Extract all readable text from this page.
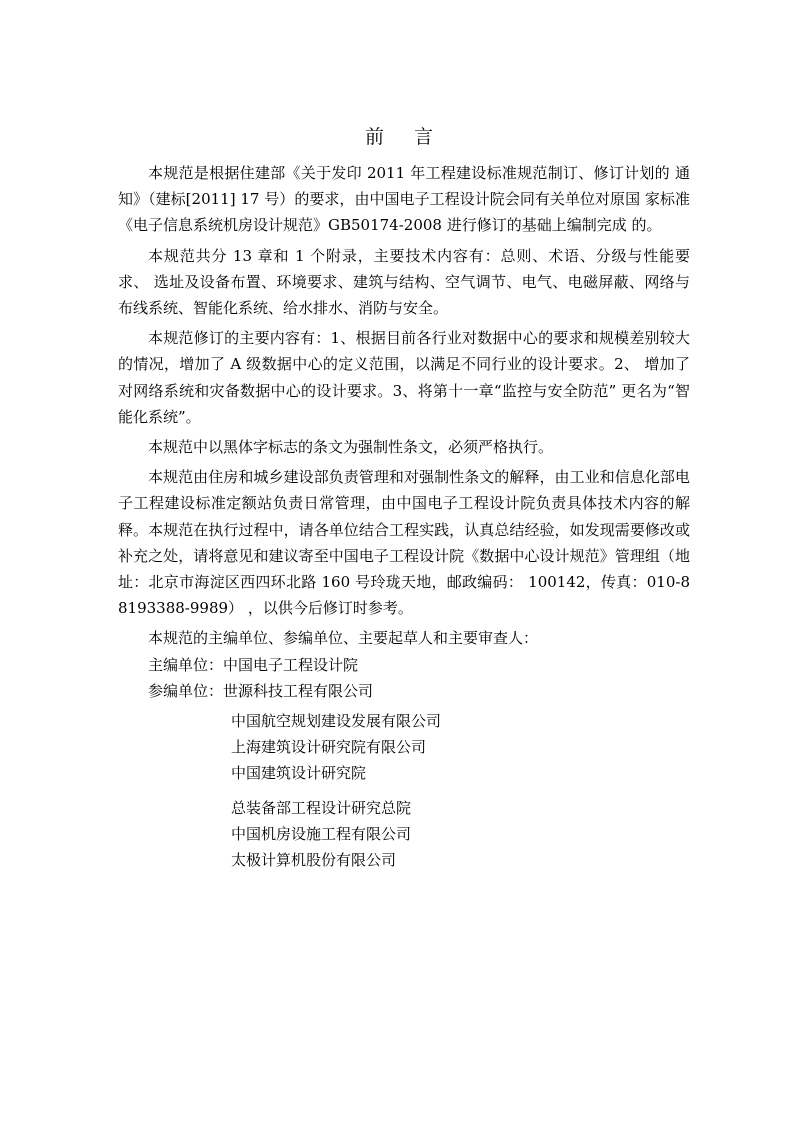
前 言

本规范是根据住建部《关于发印 2011 年工程建设标准规范制订、修订计划的 通知》（建标[2011] 17 号）的要求，由中国电子工程设计院会同有关单位对原国 家标准《电子信息系统机房设计规范》GB50174-2008 进行修订的基础上编制完成 的。

本规范共分 13 章和 1 个附录，主要技术内容有：总则、术语、分级与性能要求、 选址及设备布置、环境要求、建筑与结构、空气调节、电气、电磁屏蔽、网络与 布线系统、智能化系统、给水排水、消防与安全。

本规范修订的主要内容有：1、根据目前各行业对数据中心的要求和规模差别较大的情况，增加了 A 级数据中心的定义范围，以满足不同行业的设计要求。2、 增加了对网络系统和灾备数据中心的设计要求。3、将第十一章“监控与安全防范” 更名为“智能化系统”。

本规范中以黑体字标志的条文为强制性条文，必须严格执行。

本规范由住房和城乡建设部负责管理和对强制性条文的解释，由工业和信息化部电子工程建设标准定额站负责日常管理，由中国电子工程设计院负责具体技术内容的解释。本规范在执行过程中，请各单位结合工程实践，认真总结经验，如发现需要修改或补充之处，请将意见和建议寄至中国电子工程设计院《数据中心设计规范》管理组（地址：北京市海淀区西四环北路 160 号玲珑天地，邮政编码： 100142，传真：010-88193388-9989） ，以供今后修订时参考。

本规范的主编单位、参编单位、主要起草人和主要审查人：

主编单位：中国电子工程设计院

参编单位：世源科技工程有限公司

中国航空规划建设发展有限公司

上海建筑设计研究院有限公司

中国建筑设计研究院

总装备部工程设计研究总院

中国机房设施工程有限公司

太极计算机股份有限公司
